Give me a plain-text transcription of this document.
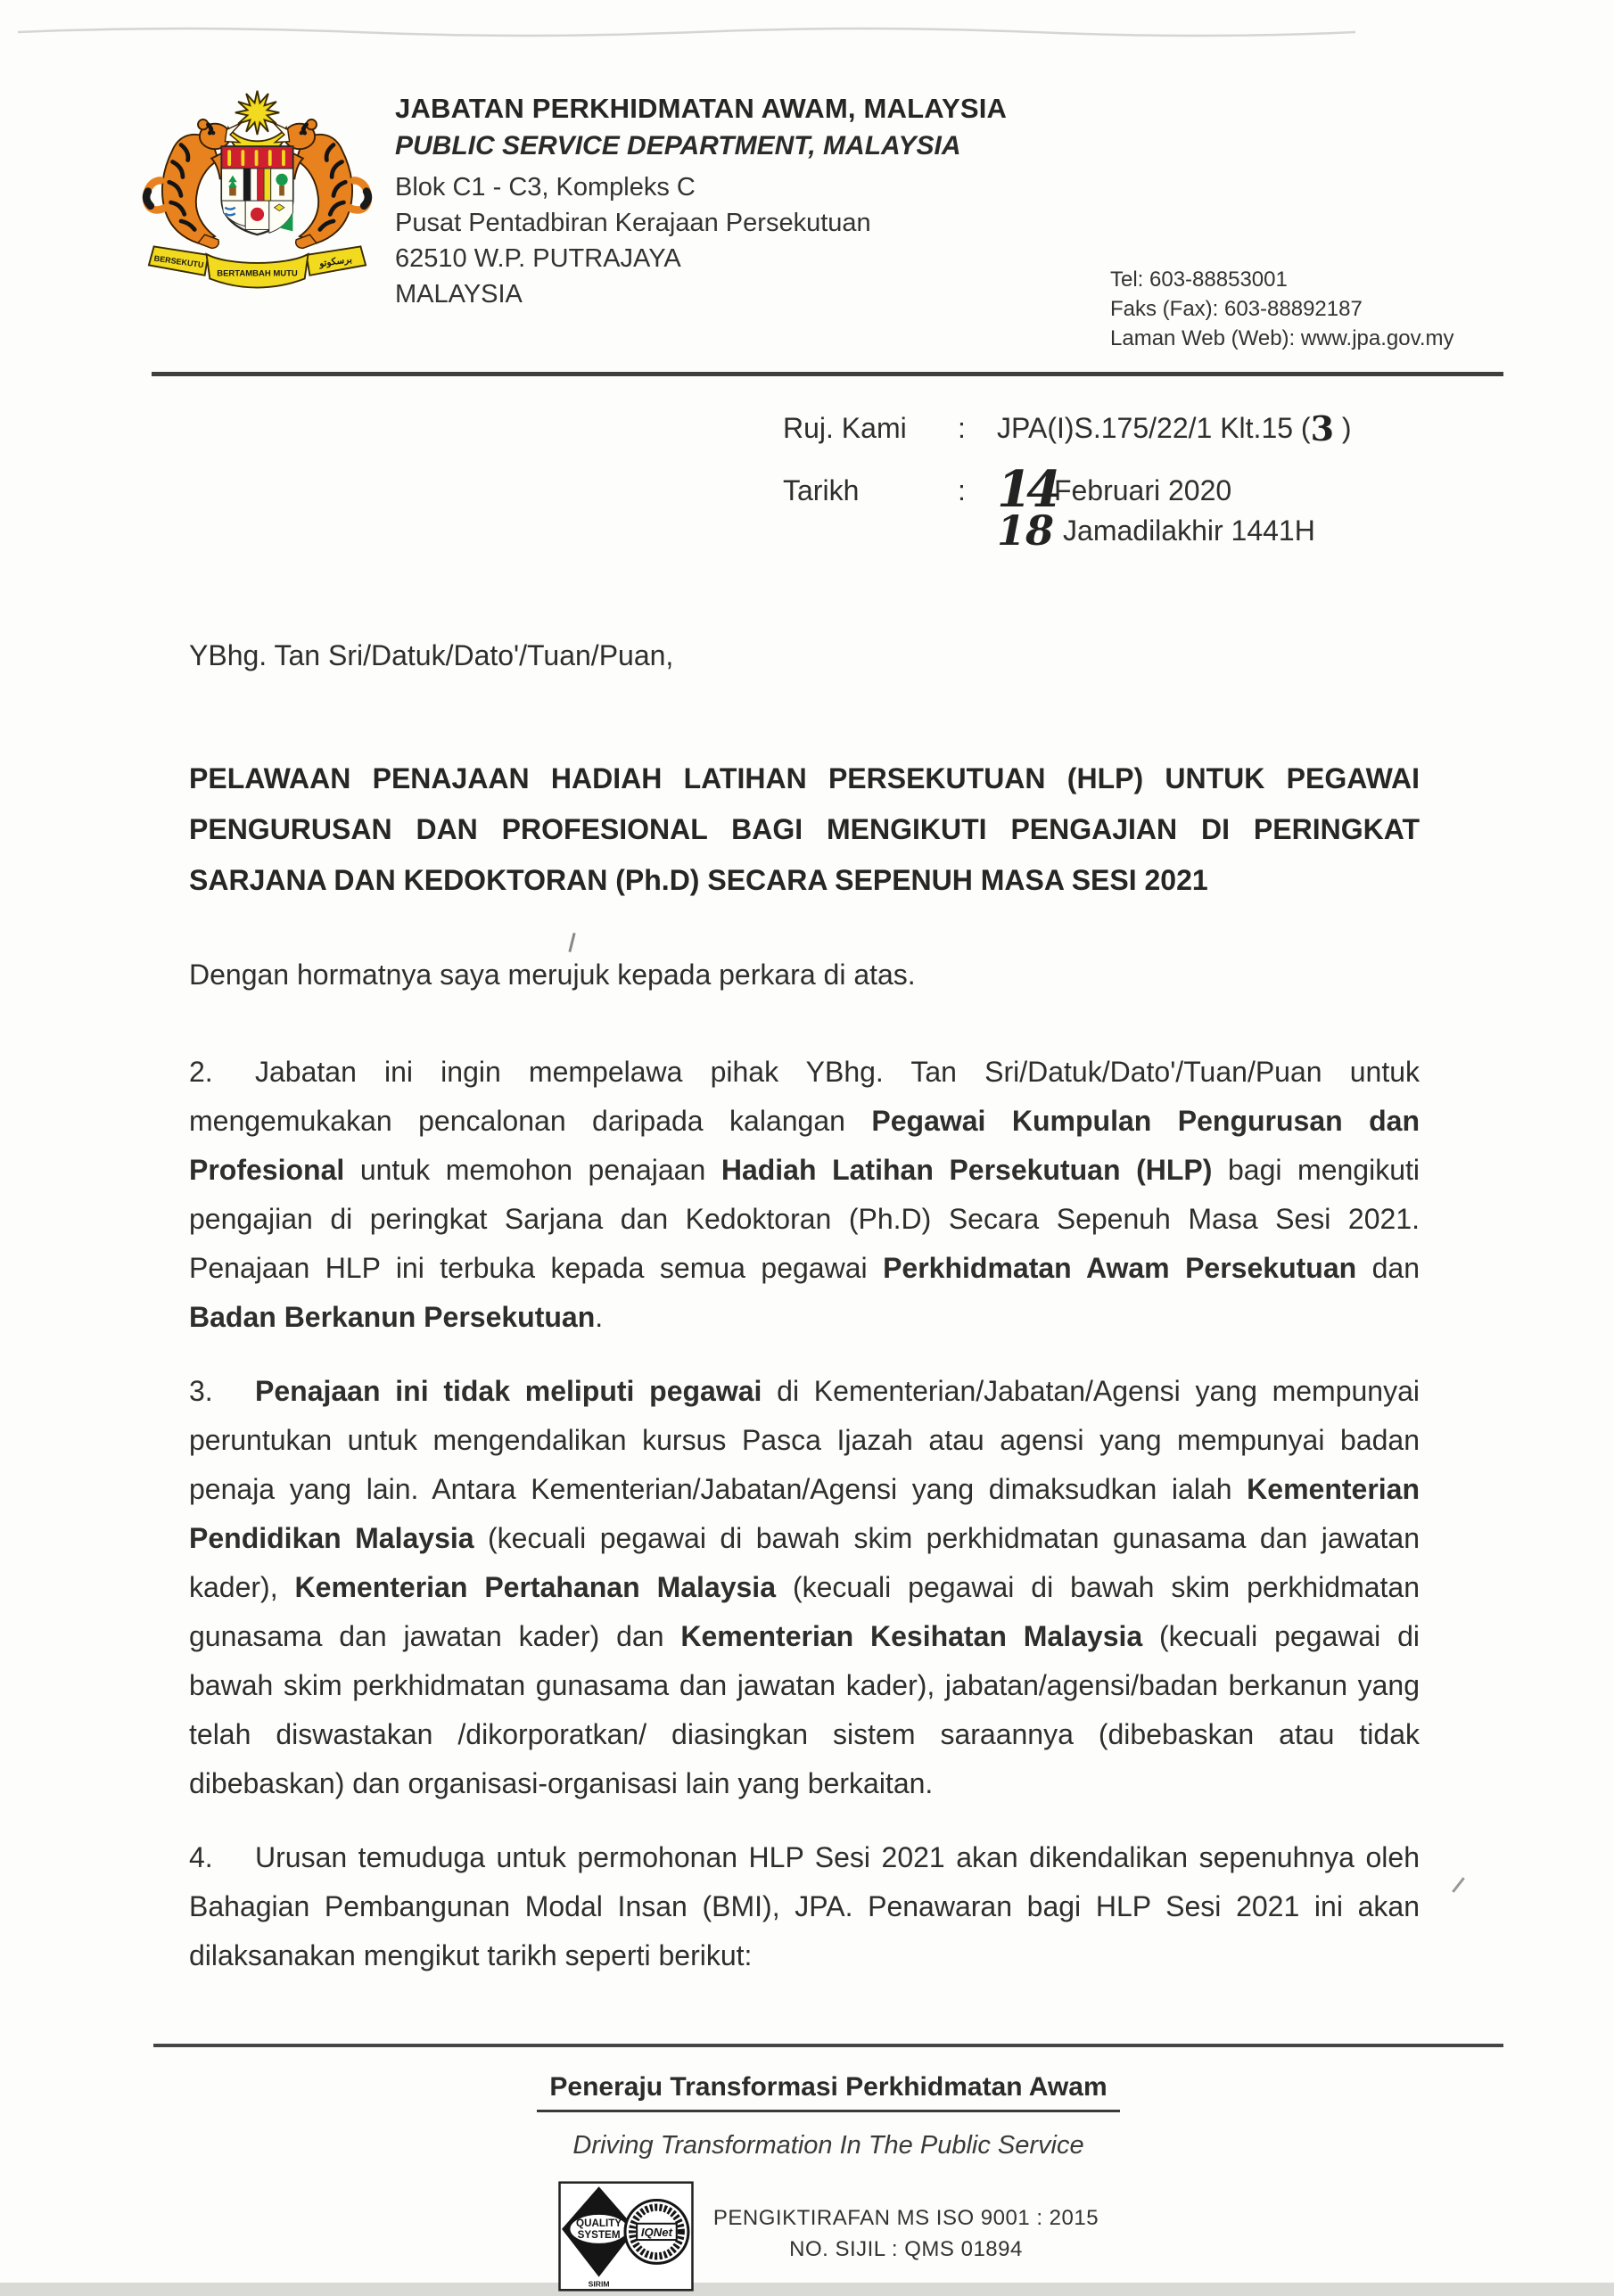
BERSEKUTU
BERTAMBAH MUTU
برسكوتو
JABATAN PERKHIDMATAN AWAM, MALAYSIA
PUBLIC SERVICE DEPARTMENT, MALAYSIA
Blok C1 - C3, Kompleks C
Pusat Pentadbiran Kerajaan Persekutuan
62510 W.P. PUTRAJAYA
MALAYSIA
Tel: 603-88853001
Faks (Fax): 603-88892187
Laman Web (Web): www.jpa.gov.my
Ruj. Kami	:	JPA(I)S.175/22/1 Klt.15 (3 )
Tarikh	: 14Februari 2020
18 Jamadilakhir 1441H

YBhg. Tan Sri/Datuk/Dato'/Tuan/Puan,

PELAWAAN PENAJAAN HADIAH LATIHAN PERSEKUTUAN (HLP) UNTUK PEGAWAI PENGURUSAN DAN PROFESIONAL BAGI MENGIKUTI PENGAJIAN DI PERINGKAT SARJANA DAN KEDOKTORAN (Ph.D) SECARA SEPENUH MASA SESI 2021

Dengan hormatnya saya merujuk kepada perkara di atas.

2. Jabatan ini ingin mempelawa pihak YBhg. Tan Sri/Datuk/Dato'/Tuan/Puan untuk mengemukakan pencalonan daripada kalangan Pegawai Kumpulan Pengurusan dan Profesional untuk memohon penajaan Hadiah Latihan Persekutuan (HLP) bagi mengikuti pengajian di peringkat Sarjana dan Kedoktoran (Ph.D) Secara Sepenuh Masa Sesi 2021. Penajaan HLP ini terbuka kepada semua pegawai Perkhidmatan Awam Persekutuan dan Badan Berkanun Persekutuan.

3. Penajaan ini tidak meliputi pegawai di Kementerian/Jabatan/Agensi yang mempunyai peruntukan untuk mengendalikan kursus Pasca Ijazah atau agensi yang mempunyai badan penaja yang lain. Antara Kementerian/Jabatan/Agensi yang dimaksudkan ialah Kementerian Pendidikan Malaysia (kecuali pegawai di bawah skim perkhidmatan gunasama dan jawatan kader), Kementerian Pertahanan Malaysia (kecuali pegawai di bawah skim perkhidmatan gunasama dan jawatan kader) dan Kementerian Kesihatan Malaysia (kecuali pegawai di bawah skim perkhidmatan gunasama dan jawatan kader), jabatan/agensi/badan berkanun yang telah diswastakan /dikorporatkan/ diasingkan sistem saraannya (dibebaskan atau tidak dibebaskan) dan organisasi-organisasi lain yang berkaitan.

4. Urusan temuduga untuk permohonan HLP Sesi 2021 akan dikendalikan sepenuhnya oleh Bahagian Pembangunan Modal Insan (BMI), JPA. Penawaran bagi HLP Sesi 2021 ini akan dilaksanakan mengikut tarikh seperti berikut:

Peneraju Transformasi Perkhidmatan Awam
Driving Transformation In The Public Service
QUALITY
SYSTEM
SIRIM
IQNet
PENGIKTIRAFAN MS ISO 9001 : 2015
NO. SIJIL : QMS 01894
